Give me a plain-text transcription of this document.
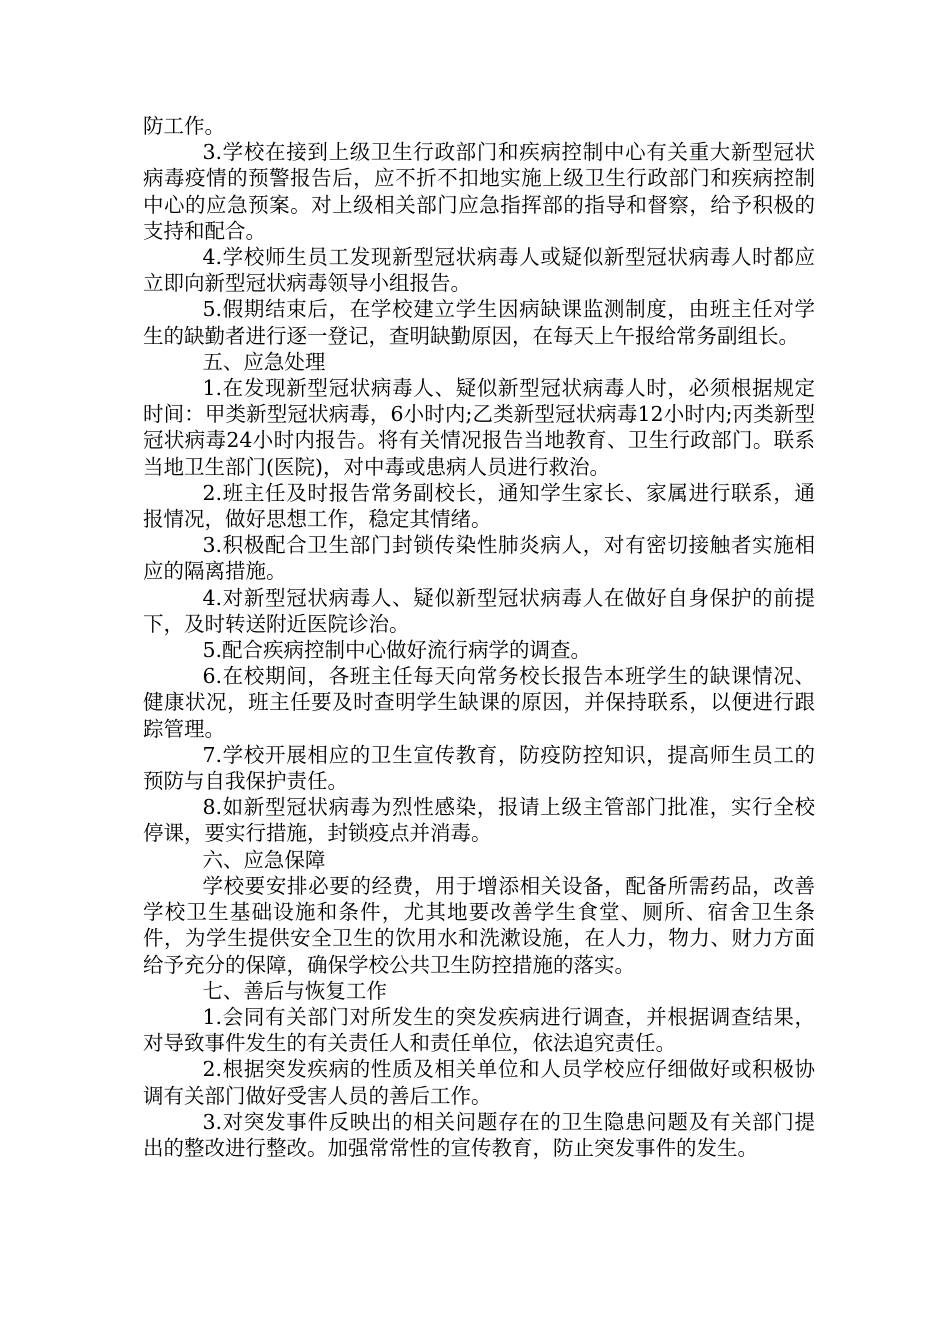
防工作。

3.学校在接到上级卫生行政部门和疾病控制中心有关重大新型冠状病毒疫情的预警报告后，应不折不扣地实施上级卫生行政部门和疾病控制中心的应急预案。对上级相关部门应急指挥部的指导和督察，给予积极的支持和配合。

4.学校师生员工发现新型冠状病毒人或疑似新型冠状病毒人时都应立即向新型冠状病毒领导小组报告。

5.假期结束后，在学校建立学生因病缺课监测制度，由班主任对学生的缺勤者进行逐一登记，查明缺勤原因，在每天上午报给常务副组长。

五、应急处理

1.在发现新型冠状病毒人、疑似新型冠状病毒人时，必须根据规定时间：甲类新型冠状病毒，6小时内;乙类新型冠状病毒12小时内;丙类新型冠状病毒24小时内报告。将有关情况报告当地教育、卫生行政部门。联系当地卫生部门(医院)，对中毒或患病人员进行救治。

2.班主任及时报告常务副校长，通知学生家长、家属进行联系，通报情况，做好思想工作，稳定其情绪。

3.积极配合卫生部门封锁传染性肺炎病人，对有密切接触者实施相应的隔离措施。

4.对新型冠状病毒人、疑似新型冠状病毒人在做好自身保护的前提下，及时转送附近医院诊治。

5.配合疾病控制中心做好流行病学的调查。

6.在校期间，各班主任每天向常务校长报告本班学生的缺课情况、健康状况，班主任要及时查明学生缺课的原因，并保持联系，以便进行跟踪管理。

7.学校开展相应的卫生宣传教育，防疫防控知识，提高师生员工的预防与自我保护责任。

8.如新型冠状病毒为烈性感染，报请上级主管部门批准，实行全校停课，要实行措施，封锁疫点并消毒。

六、应急保障

学校要安排必要的经费，用于增添相关设备，配备所需药品，改善学校卫生基础设施和条件，尤其地要改善学生食堂、厕所、宿舍卫生条件，为学生提供安全卫生的饮用水和洗漱设施，在人力，物力、财力方面给予充分的保障，确保学校公共卫生防控措施的落实。

七、善后与恢复工作

1.会同有关部门对所发生的突发疾病进行调查，并根据调查结果，对导致事件发生的有关责任人和责任单位，依法追究责任。

2.根据突发疾病的性质及相关单位和人员学校应仔细做好或积极协调有关部门做好受害人员的善后工作。

3.对突发事件反映出的相关问题存在的卫生隐患问题及有关部门提出的整改进行整改。加强常常性的宣传教育，防止突发事件的发生。
